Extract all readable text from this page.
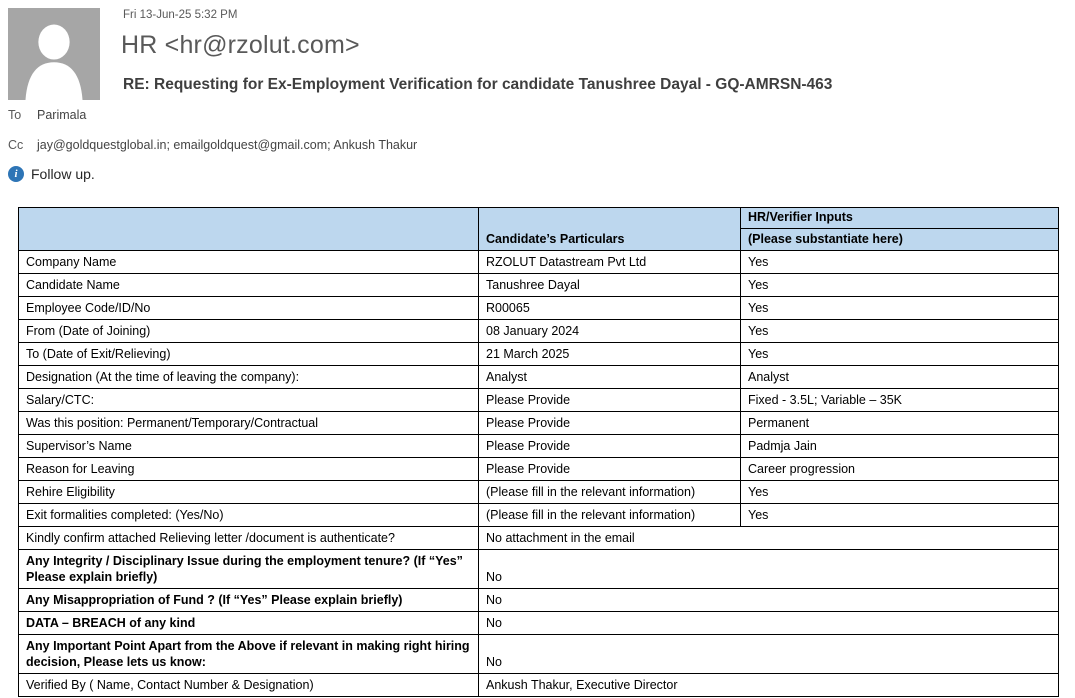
Fri 13-Jun-25 5:32 PM
HR <hr@rzolut.com>
RE: Requesting for Ex-Employment Verification for candidate Tanushree Dayal - GQ-AMRSN-463
To Parimala
Cc jay@goldquestglobal.in; emailgoldquest@gmail.com; Ankush Thakur
i Follow up.
	Candidate’s Particulars	HR/Verifier Inputs
		(Please substantiate here)
Company Name	RZOLUT Datastream Pvt Ltd	Yes
Candidate Name	Tanushree Dayal	Yes
Employee Code/ID/No	R00065	Yes
From (Date of Joining)	08 January 2024	Yes
To (Date of Exit/Relieving)	21 March 2025	Yes
Designation (At the time of leaving the company):	Analyst	Analyst
Salary/CTC:	Please Provide	Fixed - 3.5L; Variable – 35K
Was this position: Permanent/Temporary/Contractual	Please Provide	Permanent
Supervisor’s Name	Please Provide	Padmja Jain
Reason for Leaving	Please Provide	Career progression
Rehire Eligibility	(Please fill in the relevant information)	Yes
Exit formalities completed: (Yes/No)	(Please fill in the relevant information)	Yes
Kindly confirm attached Relieving letter /document is authenticate?	No attachment in the email	
Any Integrity / Disciplinary Issue during the employment tenure? (If “Yes” Please explain briefly)	No	
Any Misappropriation of Fund ? (If “Yes” Please explain briefly)	No	
DATA – BREACH of any kind	No	
Any Important Point Apart from the Above if relevant in making right hiring decision, Please lets us know:	No	
Verified By ( Name, Contact Number & Designation)	Ankush Thakur, Executive Director	
